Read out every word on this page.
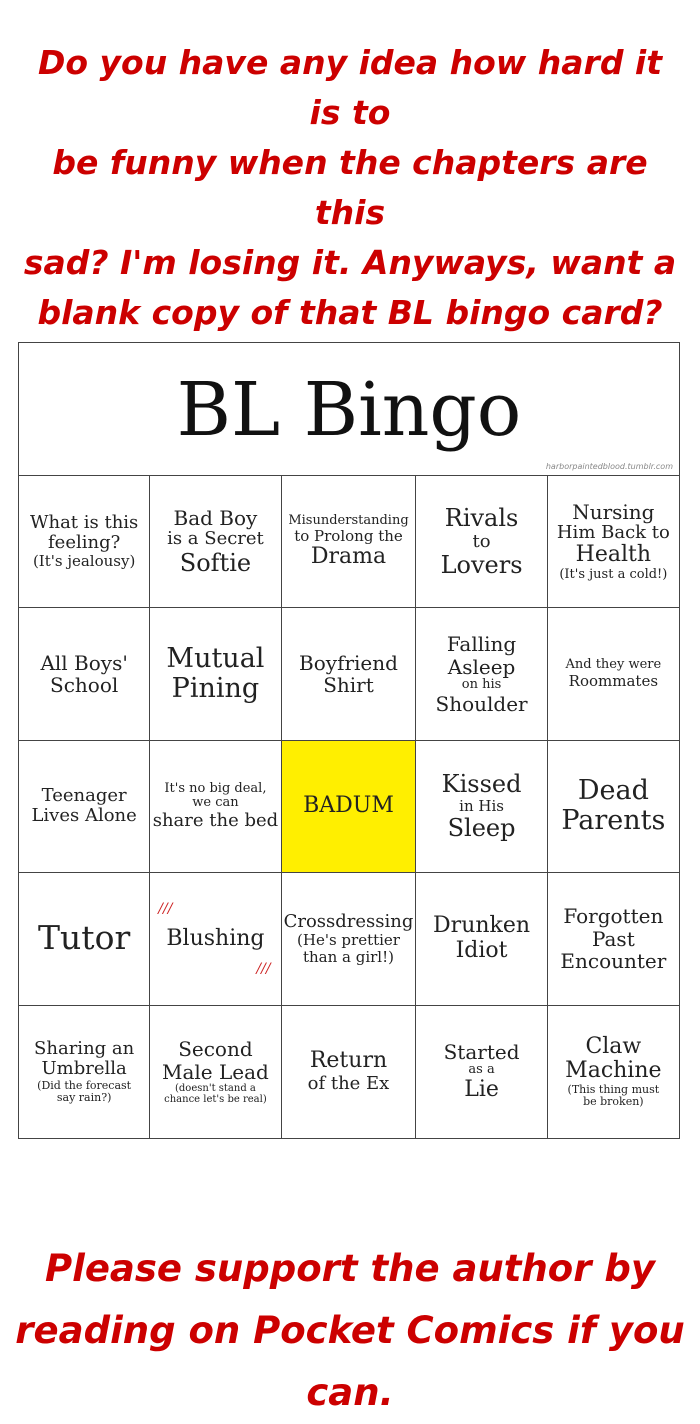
Do you have any idea how hard it is to
be funny when the chapters are this
sad? I'm losing it. Anyways, want a
blank copy of that BL bingo card?
BL Bingo
harborpaintedblood.tumblr.com
What is this
feeling?
(It's jealousy)
Bad Boy
is a Secret
Softie
Misunderstanding
to Prolong the
Drama
Rivals
to
Lovers
Nursing
Him Back to
Health
(It's just a cold!)
All Boys'
School
Mutual
Pining
Boyfriend
Shirt
Falling
Asleep
on his
Shoulder
And they were
Roommates
Teenager
Lives Alone
It's no big deal,
we can
share the bed
BADUM
Kissed
in His
Sleep
Dead
Parents
Tutor
///
Blushing
///
Crossdressing
(He's prettier
than a girl!)
Drunken
Idiot
Forgotten
Past
Encounter
Sharing an
Umbrella
(Did the forecast
say rain?)
Second
Male Lead
(doesn't stand a
chance let's be real)
Return
of the Ex
Started
as a
Lie
Claw
Machine
(This thing must
be broken)
Please support the author by
reading on Pocket Comics if you can.
